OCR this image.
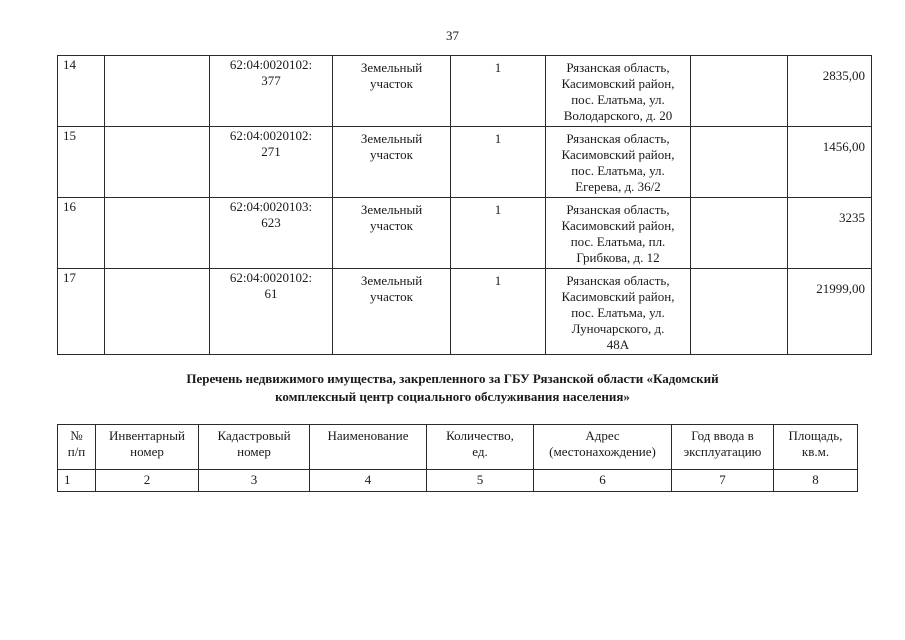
37
14		62:04:0020102:
377	Земельный
участок	1	Рязанская область,
Касимовский район,
пос. Елатьма, ул.
Володарского, д. 20		2835,00
15		62:04:0020102:
271	Земельный
участок	1	Рязанская область,
Касимовский район,
пос. Елатьма, ул.
Егерева, д. 36/2		1456,00
16		62:04:0020103:
623	Земельный
участок	1	Рязанская область,
Касимовский район,
пос. Елатьма, пл.
Грибкова, д. 12		3235
17		62:04:0020102:
61	Земельный
участок	1	Рязанская область,
Касимовский район,
пос. Елатьма, ул.
Луночарского, д.
48А		21999,00
Перечень недвижимого имущества, закрепленного за ГБУ Рязанской области «Кадомский
комплексный центр социального обслуживания населения»
№
п/п	Инвентарный
номер	Кадастровый
номер	Наименование	Количество,
ед.	Адрес
(местонахождение)	Год ввода в
эксплуатацию	Площадь,
кв.м.
1	2	3	4	5	6	7	8
